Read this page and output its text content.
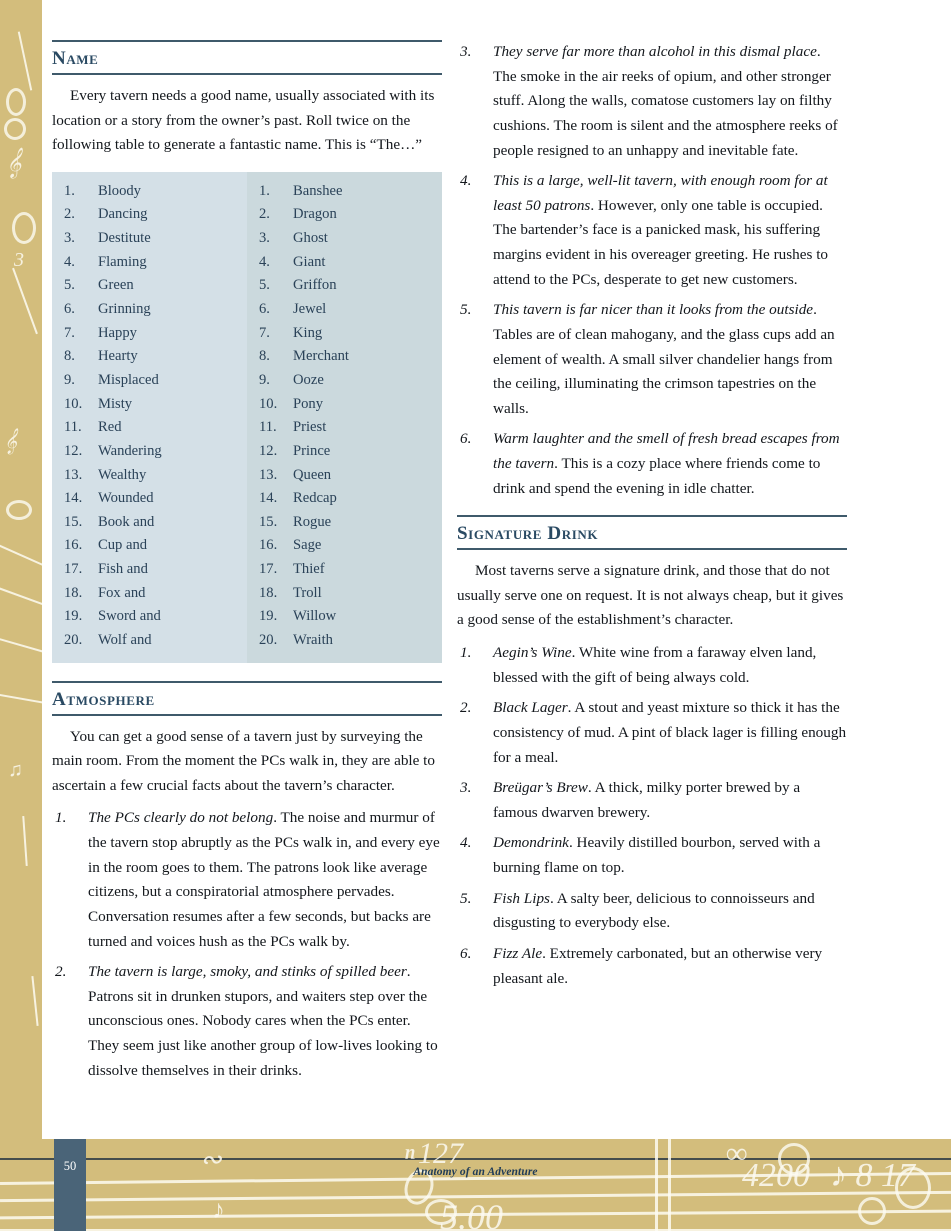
𝄞
3
𝄞
♫
Name

Every tavern needs a good name, usually associated with its location or a story from the owner’s past. Roll twice on the following table to generate a fantastic name. This is “The…”

1.	Bloody
2.	Dancing
3.	Destitute
4.	Flaming
5.	Green
6.	Grinning
7.	Happy
8.	Hearty
9.	Misplaced
10.	Misty
11.	Red
12.	Wandering
13.	Wealthy
14.	Wounded
15.	Book and
16.	Cup and
17.	Fish and
18.	Fox and
19.	Sword and
20.	Wolf and
1.	Banshee
2.	Dragon
3.	Ghost
4.	Giant
5.	Griffon
6.	Jewel
7.	King
8.	Merchant
9.	Ooze
10.	Pony
11.	Priest
12.	Prince
13.	Queen
14.	Redcap
15.	Rogue
16.	Sage
17.	Thief
18.	Troll
19.	Willow
20.	Wraith
Atmosphere

You can get a good sense of a tavern just by surveying the main room. From the moment the PCs walk in, they are able to ascertain a few crucial facts about the tavern’s character.

1. The PCs clearly do not belong. The noise and murmur of the tavern stop abruptly as the PCs walk in, and every eye in the room goes to them. The patrons look like average citizens, but a conspiratorial atmosphere pervades. Conversation resumes after a few seconds, but backs are turned and voices hush as the PCs walk by.
2. The tavern is large, smoky, and stinks of spilled beer. Patrons sit in drunken stupors, and waiters step over the unconscious ones. Nobody cares when the PCs enter. They seem just like another group of low-lives looking to dissolve themselves in their drinks.
3. They serve far more than alcohol in this dismal place. The smoke in the air reeks of opium, and other stronger stuff. Along the walls, comatose customers lay on filthy cushions. The room is silent and the atmosphere reeks of people resigned to an unhappy and inevitable fate.
4. This is a large, well-lit tavern, with enough room for at least 50 patrons. However, only one table is occupied. The bartender’s face is a panicked mask, his suffering margins evident in his overeager greeting. He rushes to attend to the PCs, desperate to get new customers.
5. This tavern is far nicer than it looks from the outside. Tables are of clean mahogany, and the glass cups add an element of wealth. A small silver chandelier hangs from the ceiling, illuminating the crimson tapestries on the walls.
6. Warm laughter and the smell of fresh bread escapes from the tavern. This is a cozy place where friends come to drink and spend the evening in idle chatter.
Signature Drink

Most taverns serve a signature drink, and those that do not usually serve one on request. It is not always cheap, but it gives a good sense of the establishment’s character.

1. Aegin’s Wine. White wine from a faraway elven land, blessed with the gift of being always cold.
2. Black Lager. A stout and yeast mixture so thick it has the consistency of mud. A pint of black lager is filling enough for a meal.
3. Breügar’s Brew. A thick, milky porter brewed by a famous dwarven brewery.
4. Demondrink. Heavily distilled bourbon, served with a burning flame on top.
5. Fish Lips. A salty beer, delicious to connoisseurs and disgusting to everybody else.
6. Fizz Ale. Extremely carbonated, but an otherwise very pleasant ale.
ⁿ 127	∞
4200 ♪ 8 17
5.00
∾
♪
Anatomy of an Adventure
50
